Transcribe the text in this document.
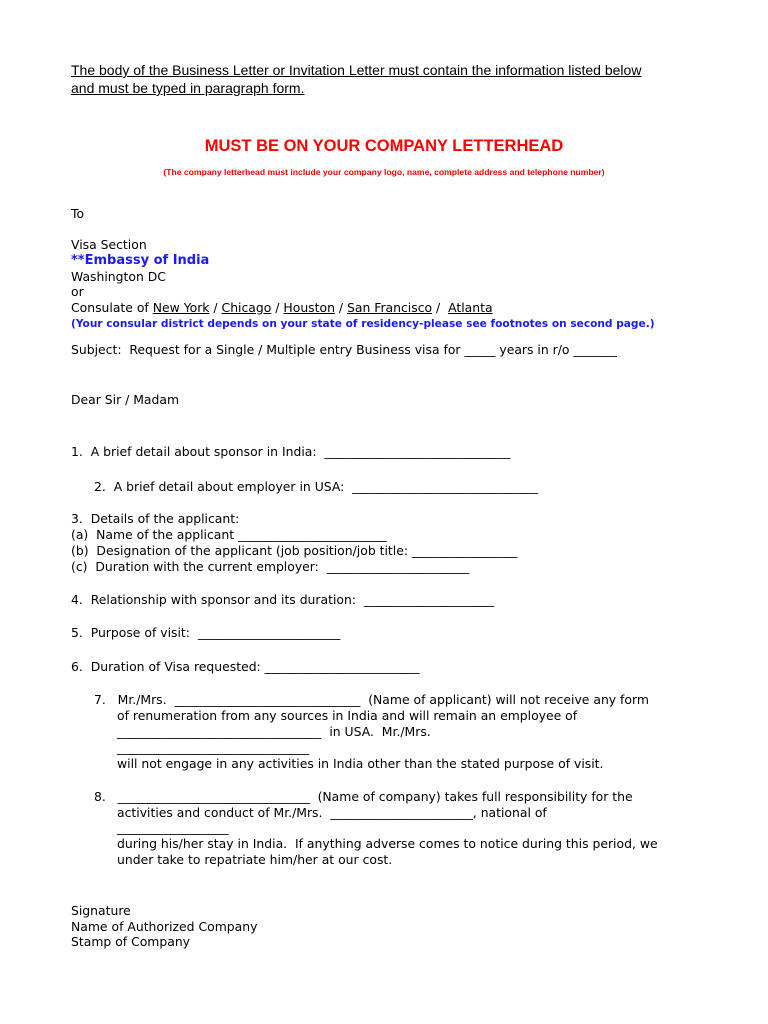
The body of the Business Letter or Invitation Letter must contain the information listed below
and must be typed in paragraph form.
MUST BE ON YOUR COMPANY LETTERHEAD
(The company letterhead must include your company logo, name, complete address and telephone number)
To
Visa Section
**Embassy of India
Washington DC
or
Consulate of New York / Chicago / Houston / San Francisco /  Atlanta
(Your consular district depends on your state of residency-please see footnotes on second page.)
Subject:  Request for a Single / Multiple entry Business visa for _____ years in r/o _______
Dear Sir / Madam
1.  A brief detail about sponsor in India:  ______________________________
2.  A brief detail about employer in USA:  ______________________________
3.  Details of the applicant:
(a)  Name of the applicant ________________________
(b)  Designation of the applicant (job position/job title: _________________
(c)  Duration with the current employer:  _______________________
4.  Relationship with sponsor and its duration:  _____________________
5.  Purpose of visit:  _______________________
6.  Duration of Visa requested: _________________________
7.   Mr./Mrs.  ______________________________  (Name of applicant) will not receive any form
of renumeration from any sources in India and will remain an employee of
_________________________________  in USA.  Mr./Mrs.
_______________________________
will not engage in any activities in India other than the stated purpose of visit.
8.   _______________________________  (Name of company) takes full responsibility for the
activities and conduct of Mr./Mrs.  _______________________, national of
__________________
during his/her stay in India.  If anything adverse comes to notice during this period, we
under take to repatriate him/her at our cost.
Signature
Name of Authorized Company
Stamp of Company
